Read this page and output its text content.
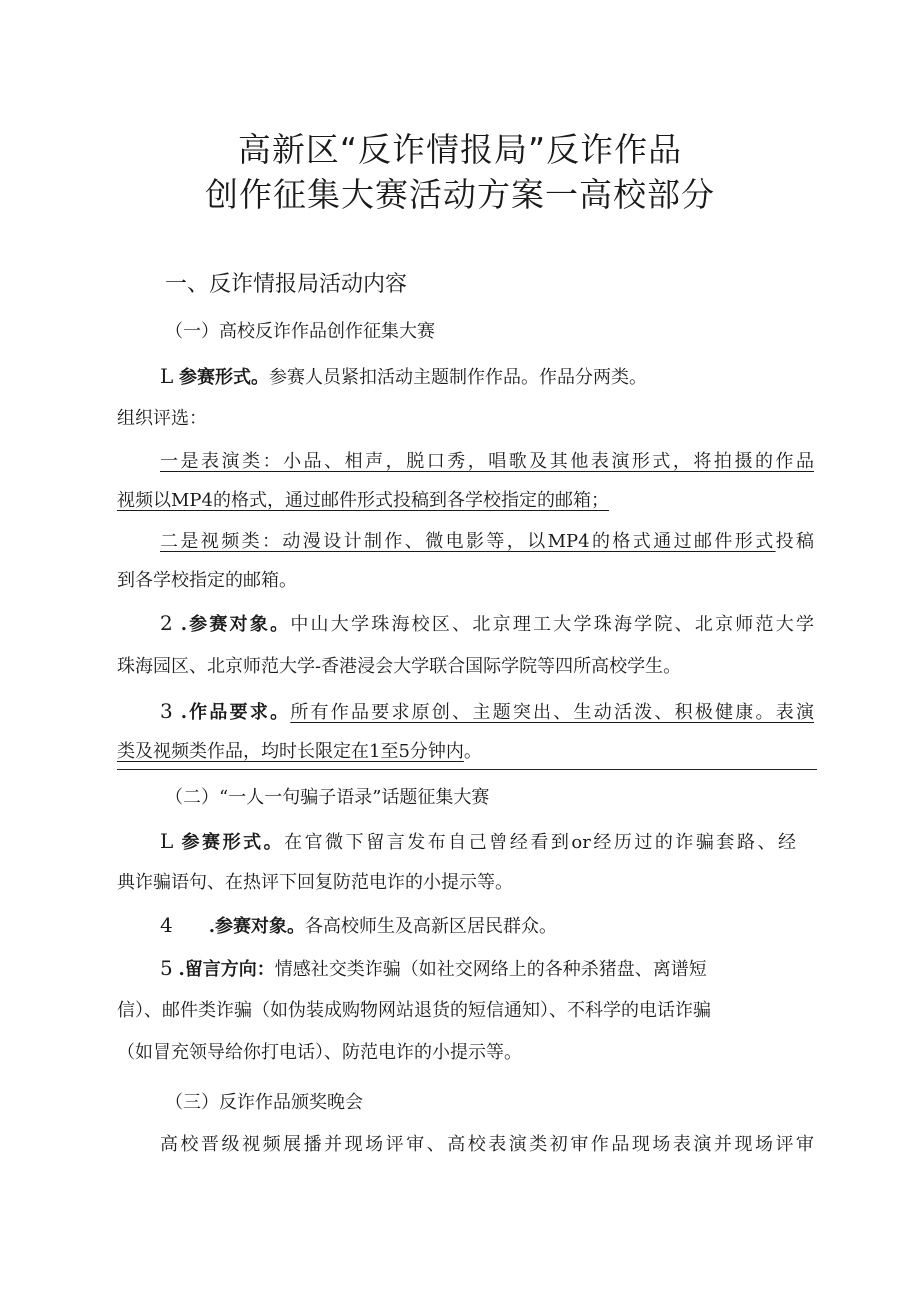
高新区“反诈情报局”反诈作品
创作征集大赛活动方案一高校部分
一、反诈情报局活动内容
（一）高校反诈作品创作征集大赛
L 参赛形式。参赛人员紧扣活动主题制作作品。作品分两类。
组织评选：
一是表演类：小品、相声，脱口秀，唱歌及其他表演形式，将拍摄的作品
视频以MP4的格式，通过邮件形式投稿到各学校指定的邮箱；
二是视频类：动漫设计制作、微电影等，以MP4的格式通过邮件形式投稿
到各学校指定的邮箱。
2 .参赛对象。中山大学珠海校区、北京理工大学珠海学院、北京师范大学
珠海园区、北京师范大学-香港浸会大学联合国际学院等四所高校学生。
3 .作品要求。所有作品要求原创、主题突出、生动活泼、积极健康。表演
类及视频类作品，均时长限定在1至5分钟内。
（二）“一人一句骗子语录”话题征集大赛
L 参赛形式。在官微下留言发布自己曾经看到or经历过的诈骗套路、经
典诈骗语句、在热评下回复防范电诈的小提示等。
4 .参赛对象。各高校师生及高新区居民群众。
5 .留言方向：情感社交类诈骗（如社交网络上的各种杀猪盘、离谱短
信）、邮件类诈骗（如伪装成购物网站退货的短信通知）、不科学的电话诈骗
（如冒充领导给你打电话）、防范电诈的小提示等。
（三）反诈作品颁奖晚会
高校晋级视频展播并现场评审、高校表演类初审作品现场表演并现场评审
